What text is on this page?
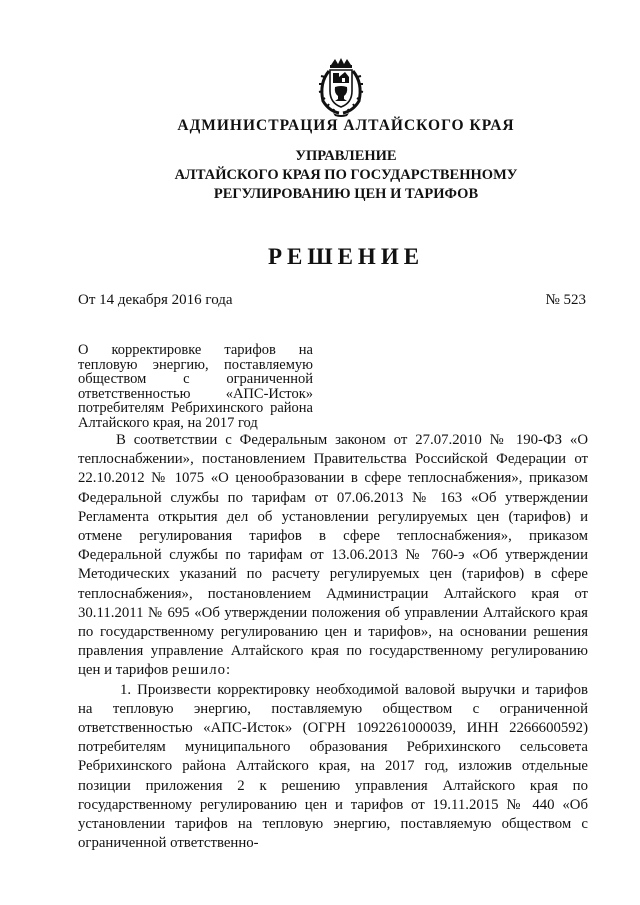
АДМИНИСТРАЦИЯ АЛТАЙСКОГО КРАЯ
УПРАВЛЕНИЕ
АЛТАЙСКОГО КРАЯ ПО ГОСУДАРСТВЕННОМУ
РЕГУЛИРОВАНИЮ ЦЕН И ТАРИФОВ
РЕШЕНИЕ
От 14 декабря 2016 года	№ 523
О корректировке тарифов на тепловую энергию, поставляемую обществом с ограниченной ответственностью «АПС-Исток» потребителям Ребрихинского района Алтайского края, на 2017 год

В соответствии с Федеральным законом от 27.07.2010 № 190-ФЗ «О теплоснабжении», постановлением Правительства Российской Федерации от 22.10.2012 № 1075 «О ценообразовании в сфере теплоснабжения», приказом Федеральной службы по тарифам от 07.06.2013 № 163 «Об утверждении Регламента открытия дел об установлении регулируемых цен (тарифов) и отмене регулирования тарифов в сфере теплоснабжения», приказом Федеральной службы по тарифам от 13.06.2013 № 760-э «Об утверждении Методических указаний по расчету регулируемых цен (тарифов) в сфере теплоснабжения», постановлением Администрации Алтайского края от 30.11.2011 № 695 «Об утверждении положения об управлении Алтайского края по государственному регулированию цен и тарифов», на основании решения правления управление Алтайского края по государственному регулированию цен и тарифов решило:

1. Произвести корректировку необходимой валовой выручки и тарифов на тепловую энергию, поставляемую обществом с ограниченной ответственностью «АПС-Исток» (ОГРН 1092261000039, ИНН 2266600592) потребителям муниципального образования Ребрихинского сельсовета Ребрихинского района Алтайского края, на 2017 год, изложив отдельные позиции приложения 2 к решению управления Алтайского края по государственному регулированию цен и тарифов от 19.11.2015 № 440 «Об установлении тарифов на тепловую энергию, поставляемую обществом с ограниченной ответственно-
